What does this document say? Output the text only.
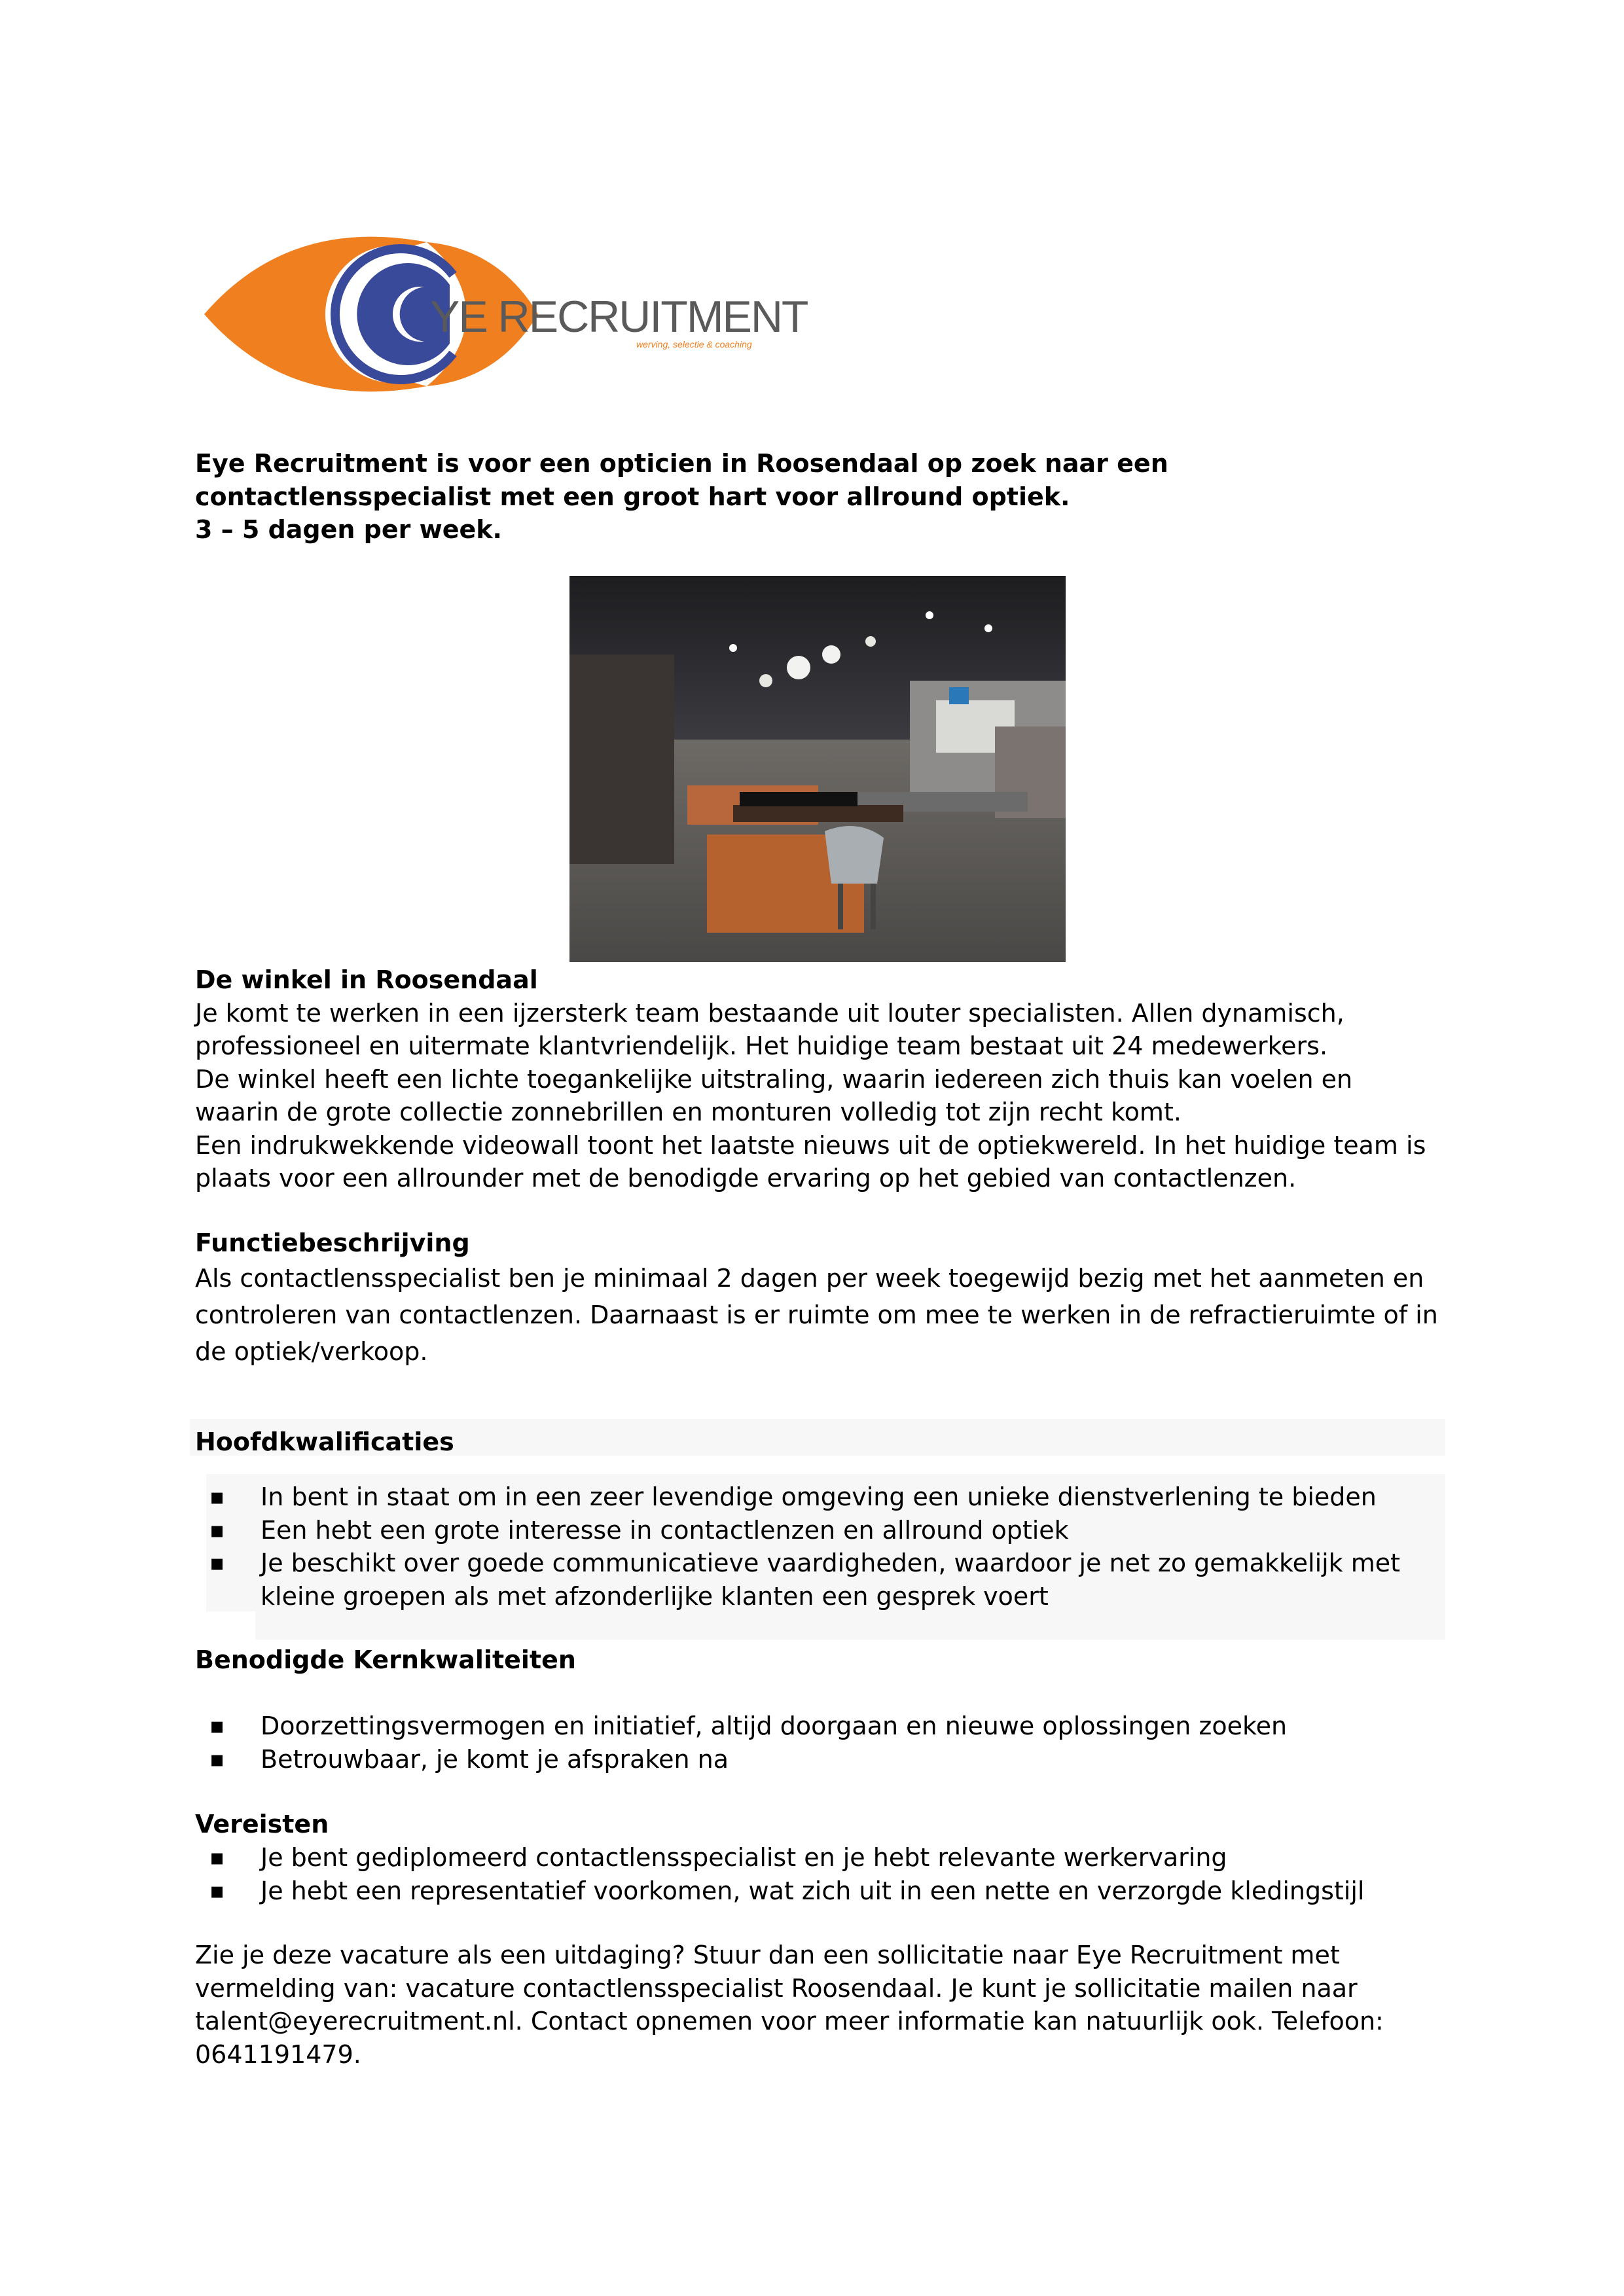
YE RECRUITMENT
werving, selectie & coaching

Eye Recruitment is voor een opticien in Roosendaal op zoek naar een

contactlensspecialist met een groot hart voor allround optiek.

3 – 5 dagen per week.

De winkel in Roosendaal

Je komt te werken in een ijzersterk team bestaande uit louter specialisten. Allen dynamisch,

professioneel en uitermate klantvriendelijk. Het huidige team bestaat uit 24 medewerkers.

De winkel heeft een lichte toegankelijke uitstraling, waarin iedereen zich thuis kan voelen en

waarin de grote collectie zonnebrillen en monturen volledig tot zijn recht komt.

Een indrukwekkende videowall toont het laatste nieuws uit de optiekwereld. In het huidige team is

plaats voor een allrounder met de benodigde ervaring op het gebied van contactlenzen.

Functiebeschrijving

Als contactlensspecialist ben je minimaal 2 dagen per week toegewijd bezig met het aanmeten en

controleren van contactlenzen. Daarnaast is er ruimte om mee te werken in de refractieruimte of in

de optiek/verkoop.

Hoofdkwalificaties

▪ In bent in staat om in een zeer levendige omgeving een unieke dienstverlening te bieden
▪ Een hebt een grote interesse in contactlenzen en allround optiek
▪ Je beschikt over goede communicatieve vaardigheden, waardoor je net zo gemakkelijk met
kleine groepen als met afzonderlijke klanten een gesprek voert

Benodigde Kernkwaliteiten

▪ Doorzettingsvermogen en initiatief, altijd doorgaan en nieuwe oplossingen zoeken
▪ Betrouwbaar, je komt je afspraken na

Vereisten

▪ Je bent gediplomeerd contactlensspecialist en je hebt relevante werkervaring
▪ Je hebt een representatief voorkomen, wat zich uit in een nette en verzorgde kledingstijl

Zie je deze vacature als een uitdaging? Stuur dan een sollicitatie naar Eye Recruitment met

vermelding van: vacature contactlensspecialist Roosendaal. Je kunt je sollicitatie mailen naar

talent@eyerecruitment.nl. Contact opnemen voor meer informatie kan natuurlijk ook. Telefoon:

0641191479.
